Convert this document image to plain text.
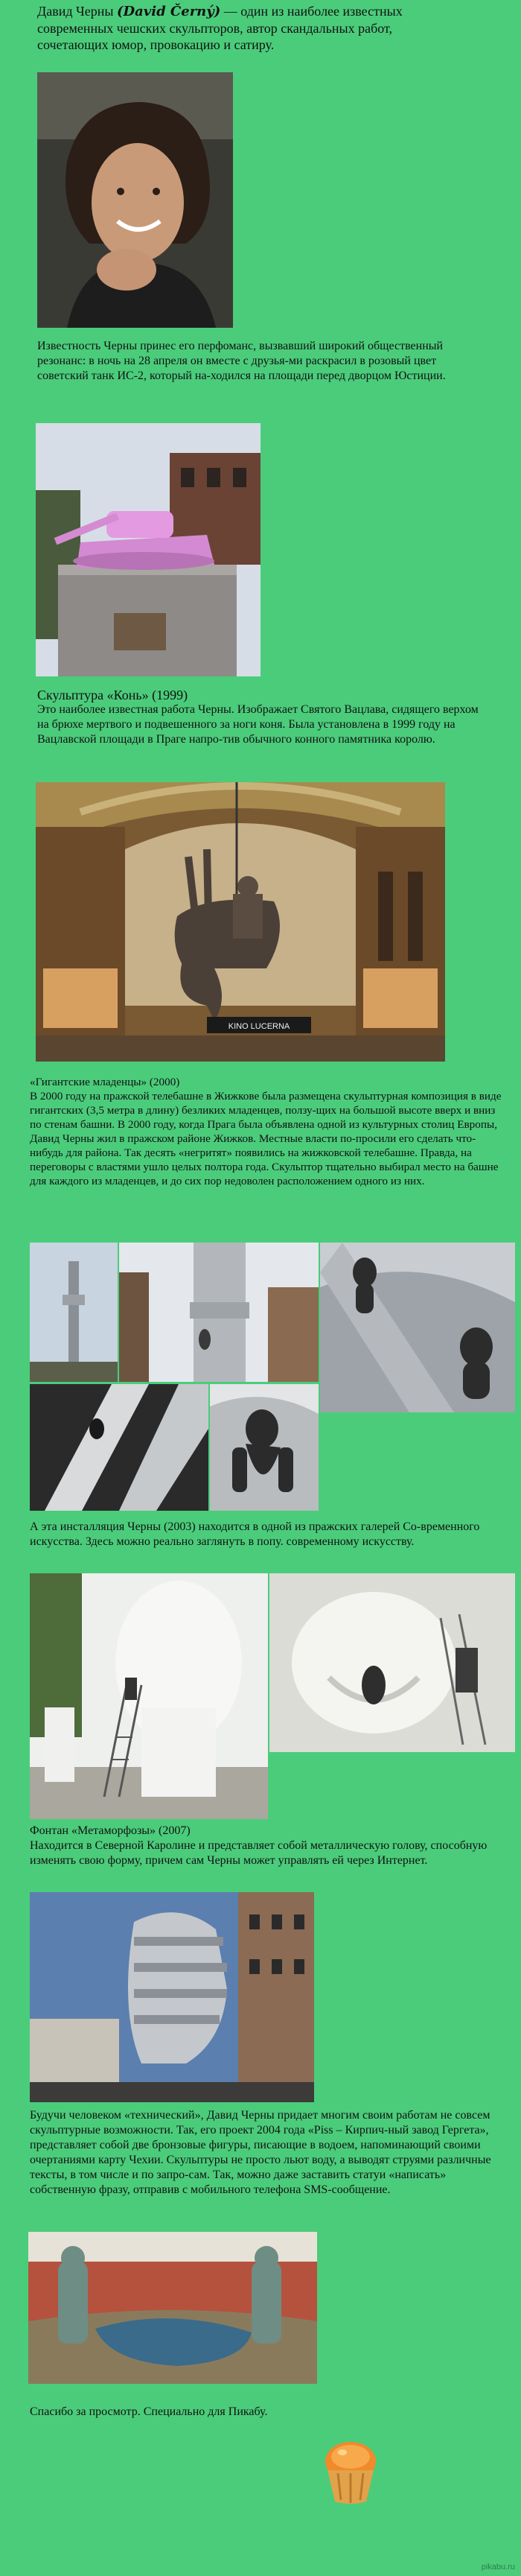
Давид Черны (David Černý) — один из наиболее известных современных чешских скульпторов, автор скандальных работ, сочетающих юмор, провокацию и сатиру.
Известность Черны принес его перфоманс, вызвавший широкий общественный резонанс: в ночь на 28 апреля он вместе с друзья-ми раскрасил в розовый цвет советский танк ИС-2, который на-ходился на площади перед дворцом Юстиции.
Скульптура «Конь» (1999)
Это наиболее известная работа Черны. Изображает Святого Вацлава, сидящего верхом на брюхе мертвого и подвешенного за ноги коня. Была установлена в 1999 году на Вацлавской площади в Праге напро-тив обычного конного памятника королю.
KINO LUCERNA
«Гигантские младенцы» (2000)
В 2000 году на пражской телебашне в Жижкове была размещена скульптурная композиция в виде гигантских (3,5 метра в длину) безликих младенцев, ползу-щих на большой высоте вверх и вниз по стенам башни. В 2000 году, когда Прага была объявлена одной из культурных столиц Европы, Давид Черны жил в пражском районе Жижков. Местные власти по-просили его сделать что-нибудь для района. Так десять «негритят» появились на жижковской телебашне. Правда, на переговоры с властями ушло целых полтора года. Скульптор тщательно выбирал место на башне для каждого из младенцев, и до сих пор недоволен расположением одного из них.
А эта инсталляция Черны (2003) находится в одной из пражских галерей Со-временного искусства. Здесь можно реально заглянуть в попу. современному искусству.
Фонтан «Метаморфозы» (2007)
Находится в Северной Каролине и представляет собой металлическую голову, способную изменять свою форму, причем сам Черны может управлять ей через Интернет.
Будучи человеком «технический», Давид Черны придает многим своим работам не совсем скульптурные возможности. Так, его проект 2004 года «Piss – Кирпич-ный завод Гергета», представляет собой две бронзовые фигуры, писающие в водоем, напоминающий своими очертаниями карту Чехии. Скульптуры не просто льют воду, а выводят струями различные тексты, в том числе и по запро-сам. Так, можно даже заставить статуи «написать» собственную фразу, отправив с мобильного телефона SMS-сообщение.
Спасибо за просмотр. Специально для Пикабу.
pikabu.ru
